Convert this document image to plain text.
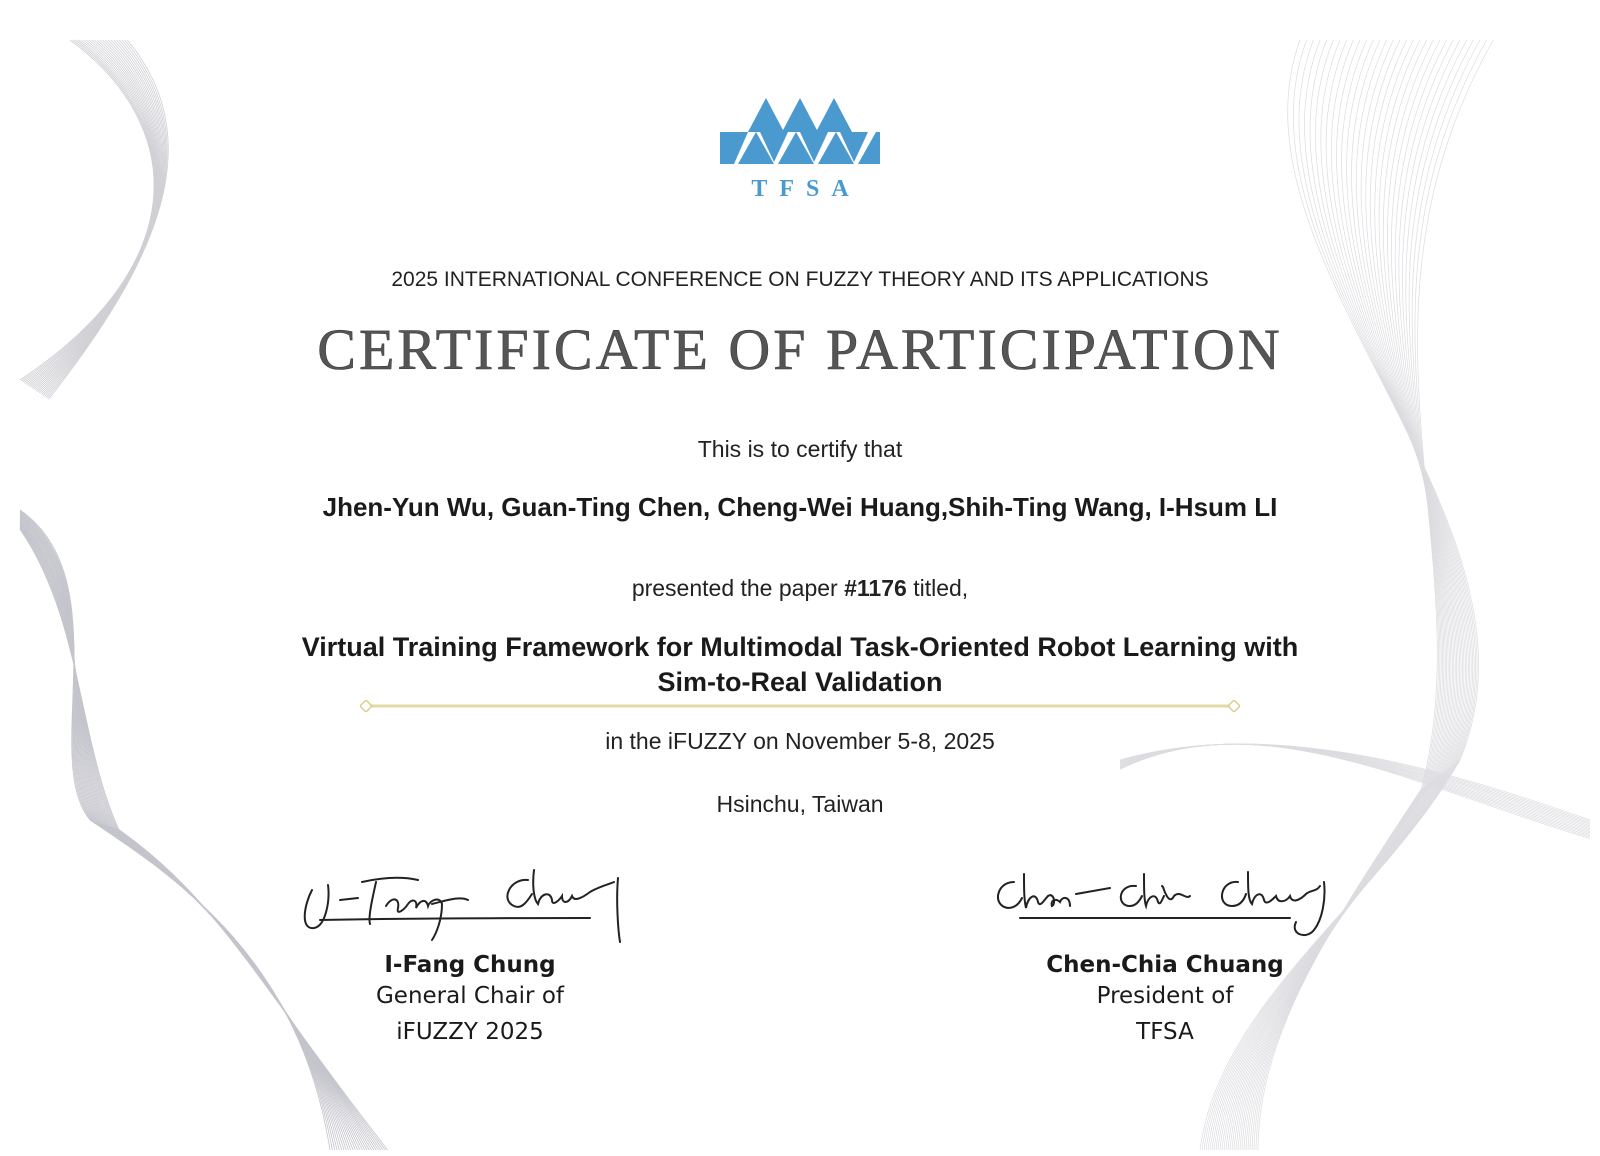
TFSA
2025 INTERNATIONAL CONFERENCE ON FUZZY THEORY AND ITS APPLICATIONS
CERTIFICATE OF PARTICIPATION
This is to certify that
Jhen-Yun Wu, Guan-Ting Chen, Cheng-Wei Huang,Shih-Ting Wang, I-Hsum LI
presented the paper #1176 titled,
Virtual Training Framework for Multimodal Task-Oriented Robot Learning with
Sim-to-Real Validation
in the iFUZZY on November 5-8, 2025
Hsinchu, Taiwan
I-Fang Chung
General Chair of
iFUZZY 2025
Chen-Chia Chuang
President of
TFSA
